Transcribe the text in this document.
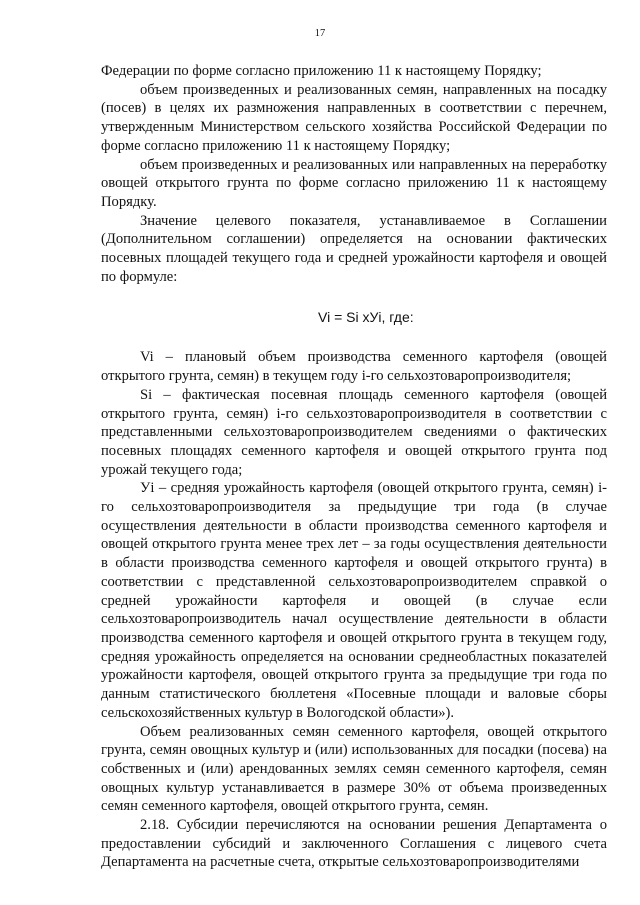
17

Федерации по форме согласно приложению 11 к настоящему Порядку;

объем произведенных и реализованных семян, направленных на посадку (посев) в целях их размножения направленных в соответствии с перечнем, утвержденным Министерством сельского хозяйства Российской Федерации по форме согласно приложению 11 к настоящему Порядку;

объем произведенных и реализованных или направленных на переработку овощей открытого грунта по форме согласно приложению 11 к настоящему Порядку.

Значение целевого показателя, устанавливаемое в Соглашении (Дополнительном соглашении) определяется на основании фактических посевных площадей текущего года и средней урожайности картофеля и овощей по формуле:

Vi = Si xУi, где:

Vi – плановый объем производства семенного картофеля (овощей открытого грунта, семян) в текущем году i-го сельхозтоваропроизводителя;

Si – фактическая посевная площадь семенного картофеля (овощей открытого грунта, семян) i-го сельхозтоваропроизводителя в соответствии с представленными сельхозтоваропроизводителем сведениями о фактических посевных площадях семенного картофеля и овощей открытого грунта под урожай текущего года;

Уi – средняя урожайность картофеля (овощей открытого грунта, семян) i-го сельхозтоваропроизводителя за предыдущие три года (в случае осуществления деятельности в области производства семенного картофеля и овощей открытого грунта менее трех лет – за годы осуществления деятельности в области производства семенного картофеля и овощей открытого грунта) в соответствии с представленной сельхозтоваропроизводителем справкой о средней урожайности картофеля и овощей (в случае если сельхозтоваропроизводитель начал осуществление деятельности в области производства семенного картофеля и овощей открытого грунта в текущем году, средняя урожайность определяется на основании среднеобластных показателей урожайности картофеля, овощей открытого грунта за предыдущие три года по данным статистического бюллетеня «Посевные площади и валовые сборы сельскохозяйственных культур в Вологодской области»).

Объем реализованных семян семенного картофеля, овощей открытого грунта, семян овощных культур и (или) использованных для посадки (посева) на собственных и (или) арендованных землях семян семенного картофеля, семян овощных культур устанавливается в размере 30% от объема произведенных семян семенного картофеля, овощей открытого грунта, семян.

2.18. Субсидии перечисляются на основании решения Департамента о предоставлении субсидий и заключенного Соглашения с лицевого счета Департамента на расчетные счета, открытые сельхозтоваропроизводителями
